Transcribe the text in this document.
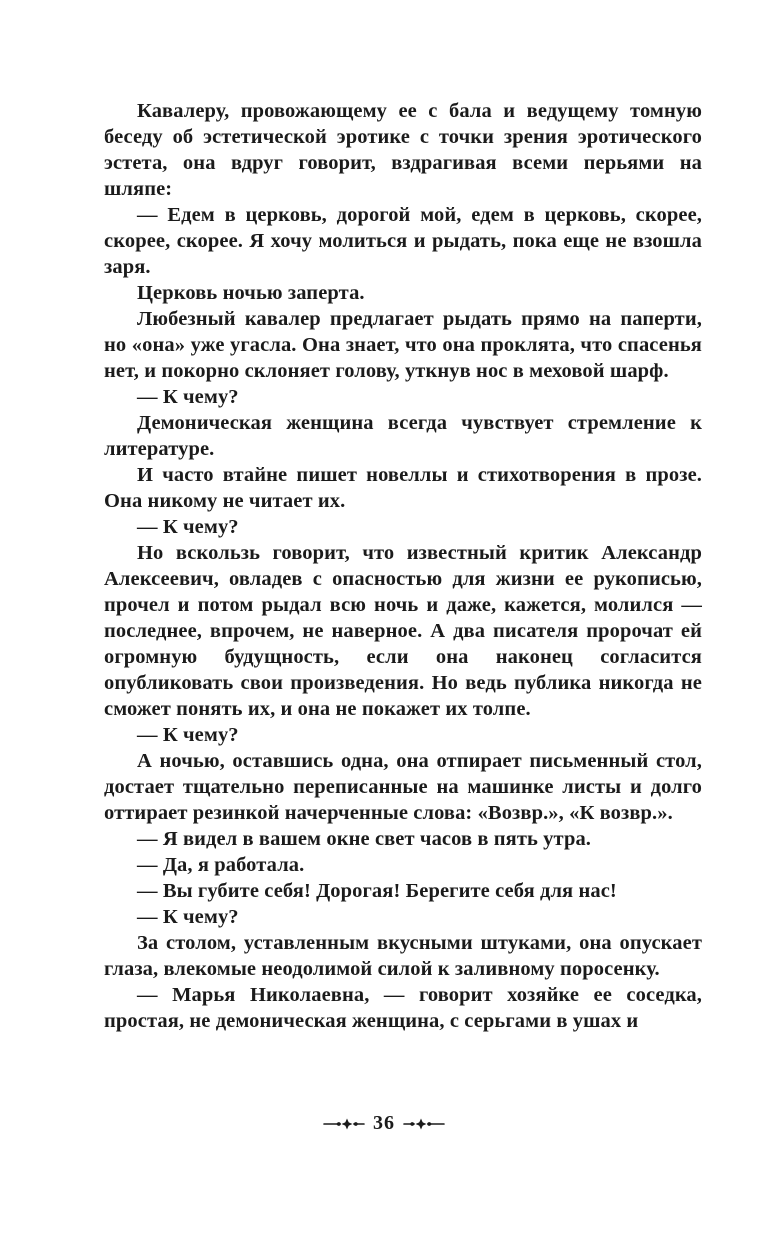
Кавалеру, провожающему ее с бала и ведущему томную беседу об эстетической эротике с точки зрения эротического эстета, она вдруг говорит, вздрагивая всеми перьями на шляпе:

— Едем в церковь, дорогой мой, едем в церковь, скорее, скорее, скорее. Я хочу молиться и рыдать, пока еще не взошла заря.

Церковь ночью заперта.

Любезный кавалер предлагает рыдать прямо на паперти, но «она» уже угасла. Она знает, что она проклята, что спасенья нет, и покорно склоняет голову, уткнув нос в меховой шарф.

— К чему?

Демоническая женщина всегда чувствует стремление к литературе.

И часто втайне пишет новеллы и стихотворения в прозе. Она никому не читает их.

— К чему?

Но вскользь говорит, что известный критик Александр Алексеевич, овладев с опасностью для жизни ее рукописью, прочел и потом рыдал всю ночь и даже, кажется, молился — последнее, впрочем, не наверное. А два писателя пророчат ей огромную будущность, если она наконец согласится опубликовать свои произведения. Но ведь публика никогда не сможет понять их, и она не покажет их толпе.

— К чему?

А ночью, оставшись одна, она отпирает письменный стол, достает тщательно переписанные на машинке листы и долго оттирает резинкой начерченные слова: «Возвр.», «К возвр.».

— Я видел в вашем окне свет часов в пять утра.

— Да, я работала.

— Вы губите себя! Дорогая! Берегите себя для нас!

— К чему?

За столом, уставленным вкусными штуками, она опускает глаза, влекомые неодолимой силой к заливному поросенку.

— Марья Николаевна, — говорит хозяйке ее соседка, простая, не демоническая женщина, с серьгами в ушах и

36
